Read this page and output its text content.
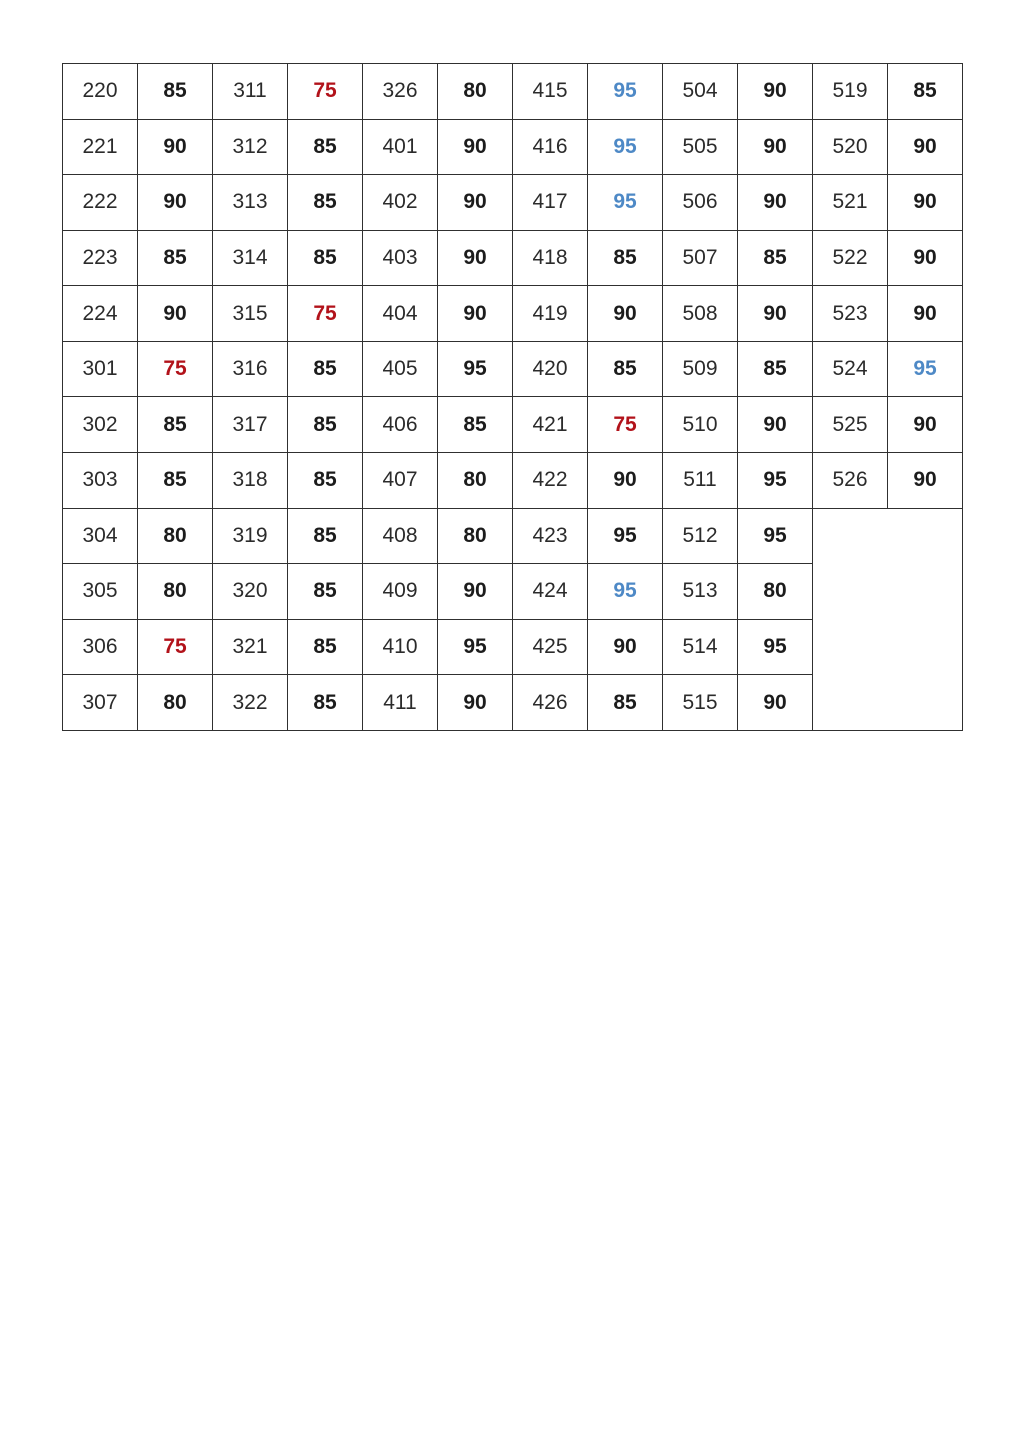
220	85	311	75	326	80	415	95	504	90	519	85
221	90	312	85	401	90	416	95	505	90	520	90
222	90	313	85	402	90	417	95	506	90	521	90
223	85	314	85	403	90	418	85	507	85	522	90
224	90	315	75	404	90	419	90	508	90	523	90
301	75	316	85	405	95	420	85	509	85	524	95
302	85	317	85	406	85	421	75	510	90	525	90
303	85	318	85	407	80	422	90	511	95	526	90
304	80	319	85	408	80	423	95	512	95		
305	80	320	85	409	90	424	95	513	80		
306	75	321	85	410	95	425	90	514	95		
307	80	322	85	411	90	426	85	515	90		
